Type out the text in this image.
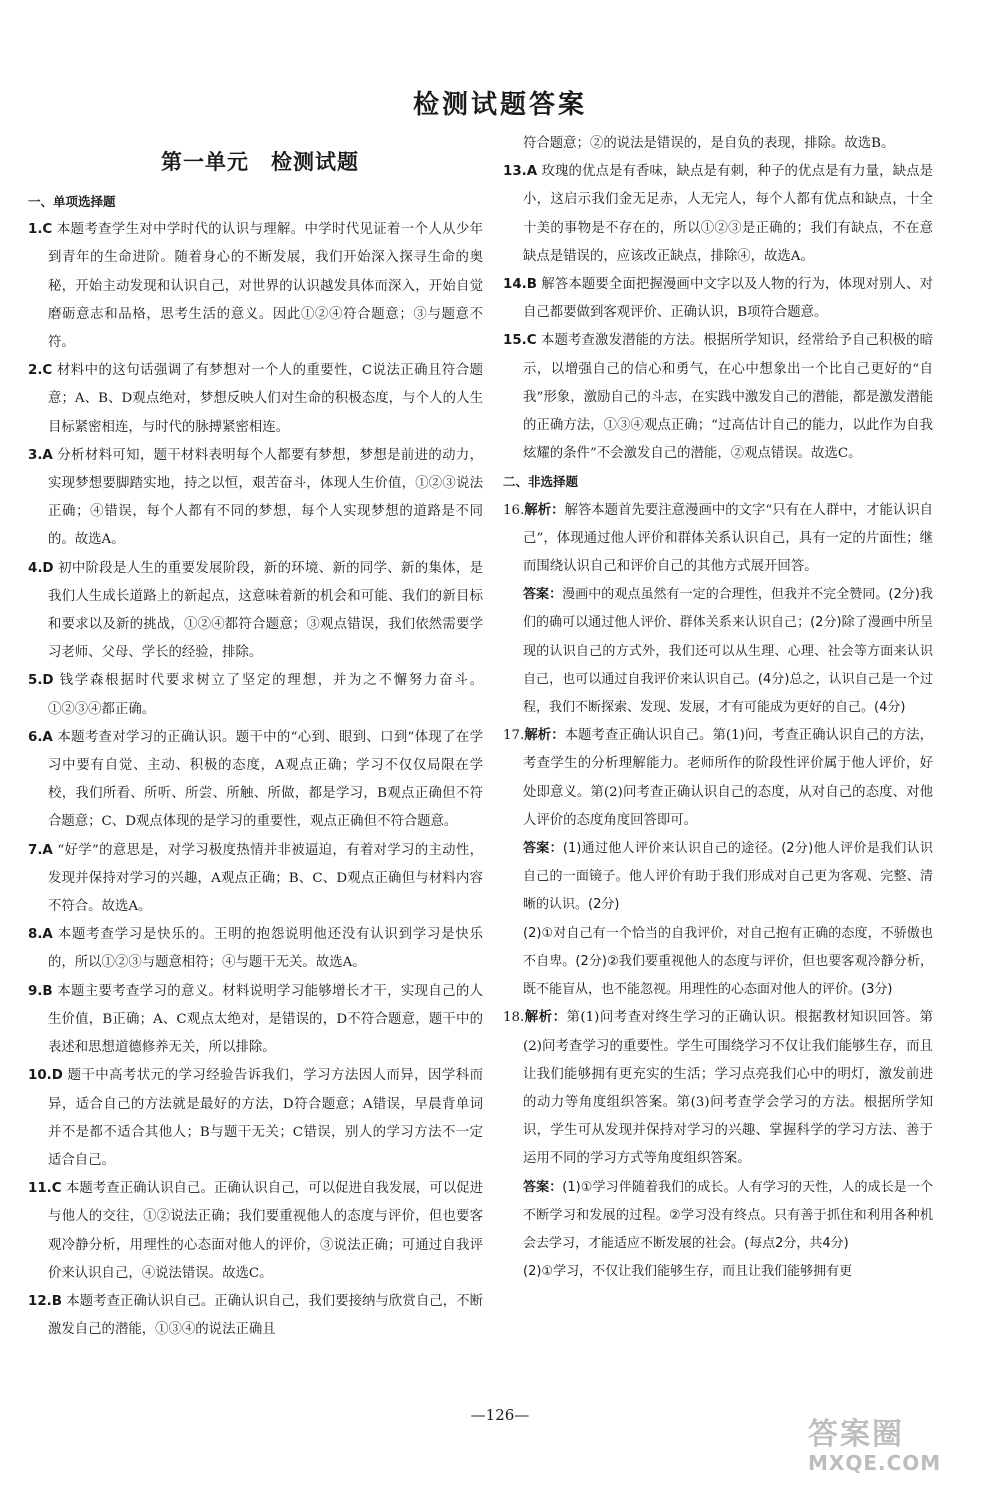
检测试题答案
第一单元　检测试题
一、单项选择题
1.C 本题考查学生对中学时代的认识与理解。中学时代见证着一个人从少年到青年的生命进阶。随着身心的不断发展，我们开始深入探寻生命的奥秘，开始主动发现和认识自己，对世界的认识越发具体而深入，开始自觉磨砺意志和品格，思考生活的意义。因此①②④符合题意；③与题意不符。
2.C 材料中的这句话强调了有梦想对一个人的重要性，C说法正确且符合题意；A、B、D观点绝对，梦想反映人们对生命的积极态度，与个人的人生目标紧密相连，与时代的脉搏紧密相连。
3.A 分析材料可知，题干材料表明每个人都要有梦想，梦想是前进的动力，实现梦想要脚踏实地，持之以恒，艰苦奋斗，体现人生价值，①②③说法正确；④错误，每个人都有不同的梦想，每个人实现梦想的道路是不同的。故选A。
4.D 初中阶段是人生的重要发展阶段，新的环境、新的同学、新的集体，是我们人生成长道路上的新起点，这意味着新的机会和可能、我们的新目标和要求以及新的挑战，①②④都符合题意；③观点错误，我们依然需要学习老师、父母、学长的经验，排除。
5.D 钱学森根据时代要求树立了坚定的理想，并为之不懈努力奋斗。①②③④都正确。
6.A 本题考查对学习的正确认识。题干中的“心到、眼到、口到”体现了在学习中要有自觉、主动、积极的态度，A观点正确；学习不仅仅局限在学校，我们所看、所听、所尝、所触、所做，都是学习，B观点正确但不符合题意；C、D观点体现的是学习的重要性，观点正确但不符合题意。
7.A “好学”的意思是，对学习极度热情并非被逼迫，有着对学习的主动性，发现并保持对学习的兴趣，A观点正确；B、C、D观点正确但与材料内容不符合。故选A。
8.A 本题考查学习是快乐的。王明的抱怨说明他还没有认识到学习是快乐的，所以①②③与题意相符；④与题干无关。故选A。
9.B 本题主要考查学习的意义。材料说明学习能够增长才干，实现自己的人生价值，B正确；A、C观点太绝对，是错误的，D不符合题意，题干中的表述和思想道德修养无关，所以排除。
10.D 题干中高考状元的学习经验告诉我们，学习方法因人而异，因学科而异，适合自己的方法就是最好的方法，D符合题意；A错误，早晨背单词并不是都不适合其他人；B与题干无关；C错误，别人的学习方法不一定适合自己。
11.C 本题考查正确认识自己。正确认识自己，可以促进自我发展，可以促进与他人的交往，①②说法正确；我们要重视他人的态度与评价，但也要客观冷静分析，用理性的心态面对他人的评价，③说法正确；可通过自我评价来认识自己，④说法错误。故选C。
12.B 本题考查正确认识自己。正确认识自己，我们要接纳与欣赏自己，不断激发自己的潜能，①③④的说法正确且
符合题意；②的说法是错误的，是自负的表现，排除。故选B。
13.A 玫瑰的优点是有香味，缺点是有刺，种子的优点是有力量，缺点是小，这启示我们金无足赤，人无完人，每个人都有优点和缺点，十全十美的事物是不存在的，所以①②③是正确的；我们有缺点，不在意缺点是错误的，应该改正缺点，排除④，故选A。
14.B 解答本题要全面把握漫画中文字以及人物的行为，体现对别人、对自己都要做到客观评价、正确认识，B项符合题意。
15.C 本题考查激发潜能的方法。根据所学知识，经常给予自己积极的暗示，以增强自己的信心和勇气，在心中想象出一个比自己更好的“自我”形象，激励自己的斗志，在实践中激发自己的潜能，都是激发潜能的正确方法，①③④观点正确；“过高估计自己的能力，以此作为自我炫耀的条件”不会激发自己的潜能，②观点错误。故选C。
二、非选择题
16.解析：解答本题首先要注意漫画中的文字“只有在人群中，才能认识自己”，体现通过他人评价和群体关系认识自己，具有一定的片面性；继而围绕认识自己和评价自己的其他方式展开回答。
答案：漫画中的观点虽然有一定的合理性，但我并不完全赞同。(2分)我们的确可以通过他人评价、群体关系来认识自己；(2分)除了漫画中所呈现的认识自己的方式外，我们还可以从生理、心理、社会等方面来认识自己，也可以通过自我评价来认识自己。(4分)总之，认识自己是一个过程，我们不断探索、发现、发展，才有可能成为更好的自己。(4分)
17.解析：本题考查正确认识自己。第(1)问，考查正确认识自己的方法，考查学生的分析理解能力。老师所作的阶段性评价属于他人评价，好处即意义。第(2)问考查正确认识自己的态度，从对自己的态度、对他人评价的态度角度回答即可。
答案：(1)通过他人评价来认识自己的途径。(2分)他人评价是我们认识自己的一面镜子。他人评价有助于我们形成对自己更为客观、完整、清晰的认识。(2分)
(2)①对自己有一个恰当的自我评价，对自己抱有正确的态度，不骄傲也不自卑。(2分)②我们要重视他人的态度与评价，但也要客观冷静分析，既不能盲从，也不能忽视。用理性的心态面对他人的评价。(3分)
18.解析：第(1)问考查对终生学习的正确认识。根据教材知识回答。第(2)问考查学习的重要性。学生可围绕学习不仅让我们能够生存，而且让我们能够拥有更充实的生活；学习点亮我们心中的明灯，激发前进的动力等角度组织答案。第(3)问考查学会学习的方法。根据所学知识，学生可从发现并保持对学习的兴趣、掌握科学的学习方法、善于运用不同的学习方式等角度组织答案。
答案：(1)①学习伴随着我们的成长。人有学习的天性，人的成长是一个不断学习和发展的过程。②学习没有终点。只有善于抓住和利用各种机会去学习，才能适应不断发展的社会。(每点2分，共4分)
(2)①学习，不仅让我们能够生存，而且让我们能够拥有更
—126—
答案圈
MXQE.COM
